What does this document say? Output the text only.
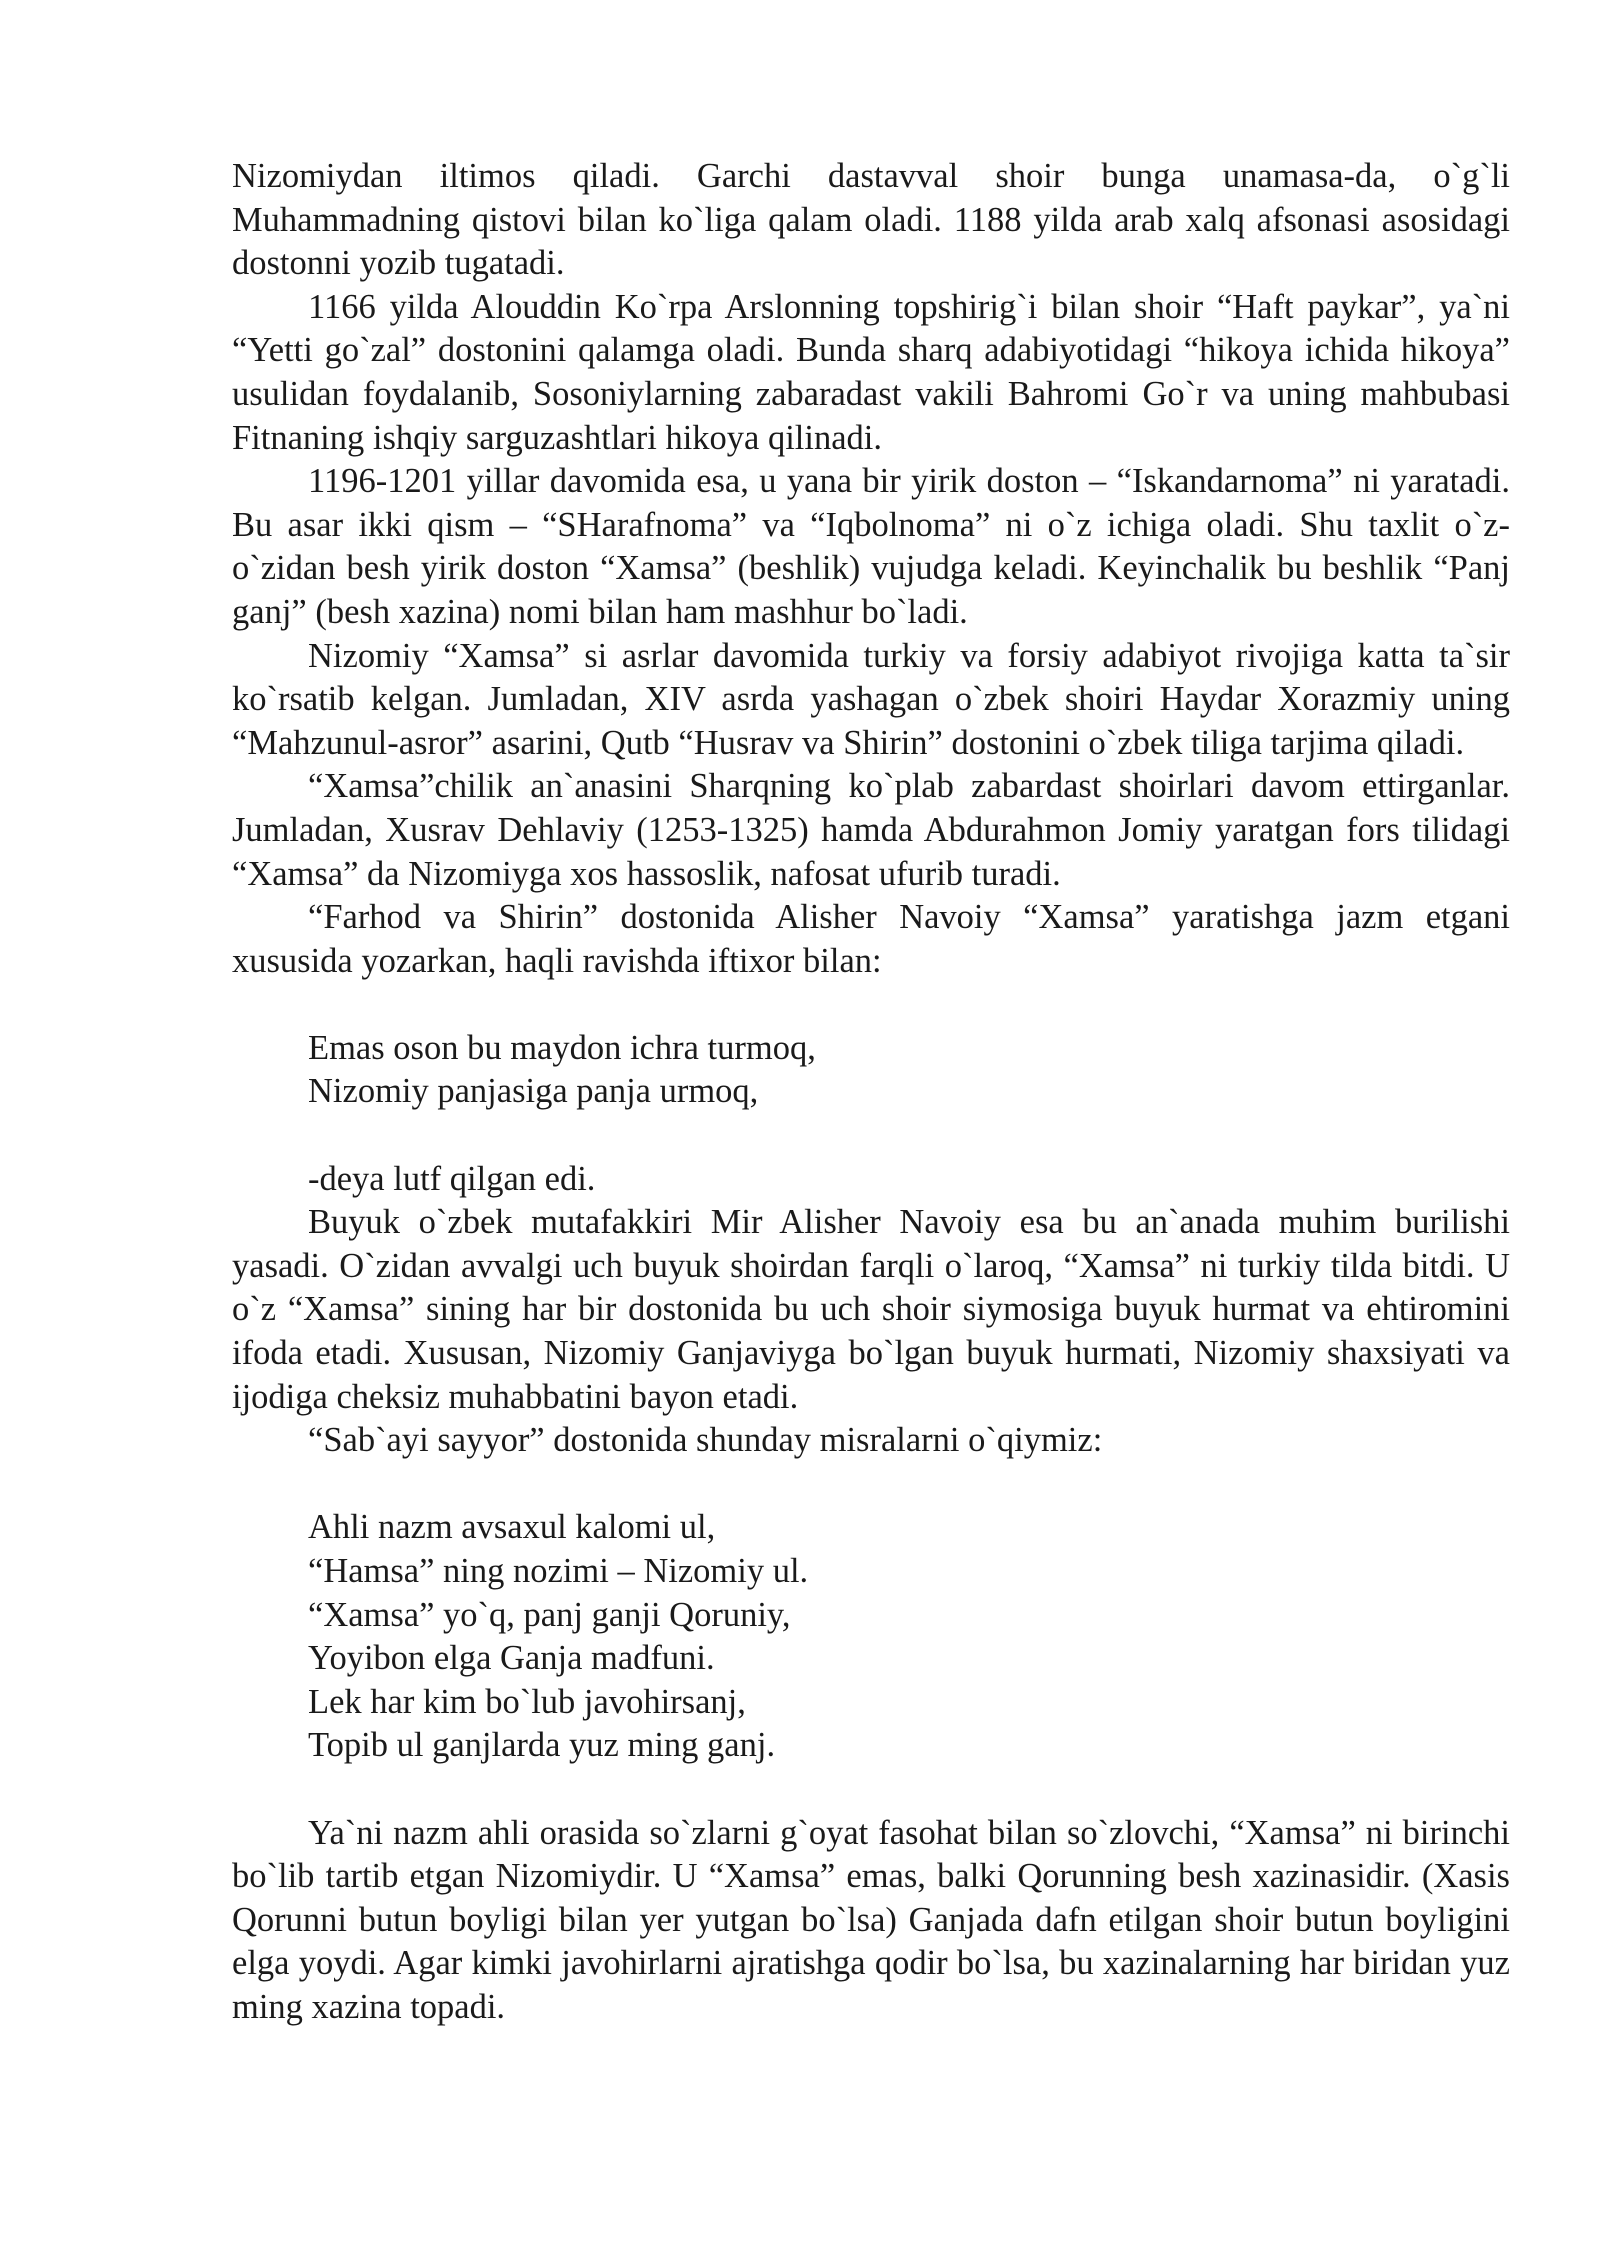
Nizomiydan iltimos qiladi. Garchi dastavval shoir bunga unamasa-da, o`g`li Muhammadning qistovi bilan ko`liga qalam oladi. 1188 yilda arab xalq afsonasi asosidagi dostonni yozib tugatadi.

1166 yilda Alouddin Ko`rpa Arslonning topshirig`i bilan shoir “Haft paykar”, ya`ni “Yetti go`zal” dostonini qalamga oladi. Bunda sharq adabiyotidagi “hikoya ichida hikoya” usulidan foydalanib, Sosoniylarning zabaradast vakili Bahromi Go`r va uning mahbubasi Fitnaning ishqiy sarguzashtlari hikoya qilinadi.

1196-1201 yillar davomida esa, u yana bir yirik doston – “Iskandarnoma” ni yaratadi. Bu asar ikki qism – “SHarafnoma” va “Iqbolnoma” ni o`z ichiga oladi. Shu taxlit o`z-o`zidan besh yirik doston “Xamsa” (beshlik) vujudga keladi. Keyinchalik bu beshlik “Panj ganj” (besh xazina) nomi bilan ham mashhur bo`ladi.

Nizomiy “Xamsa” si asrlar davomida turkiy va forsiy adabiyot rivojiga katta ta`sir ko`rsatib kelgan. Jumladan, XIV asrda yashagan o`zbek shoiri Haydar Xorazmiy uning “Mahzunul-asror” asarini, Qutb “Husrav va Shirin” dostonini o`zbek tiliga tarjima qiladi.

“Xamsa”chilik an`anasini Sharqning ko`plab zabardast shoirlari davom ettirganlar. Jumladan, Xusrav Dehlaviy (1253-1325) hamda Abdurahmon Jomiy yaratgan fors tilidagi “Xamsa” da Nizomiyga xos hassoslik, nafosat ufurib turadi.

“Farhod va Shirin” dostonida Alisher Navoiy “Xamsa” yaratishga jazm etgani xususida yozarkan, haqli ravishda iftixor bilan:

Emas oson bu maydon ichra turmoq,
Nizomiy panjasiga panja urmoq,

-deya lutf qilgan edi.

Buyuk o`zbek mutafakkiri Mir Alisher Navoiy esa bu an`anada muhim burilishi yasadi. O`zidan avvalgi uch buyuk shoirdan farqli o`laroq, “Xamsa” ni turkiy tilda bitdi. U o`z “Xamsa” sining har bir dostonida bu uch shoir siymosiga buyuk hurmat va ehtiromini ifoda etadi. Xususan, Nizomiy Ganjaviyga bo`lgan buyuk hurmati, Nizomiy shaxsiyati va ijodiga cheksiz muhabbatini bayon etadi.

“Sab`ayi sayyor” dostonida shunday misralarni o`qiymiz:

Ahli nazm avsaxul kalomi ul,
“Hamsa” ning nozimi – Nizomiy ul.
“Xamsa” yo`q, panj ganji Qoruniy,
Yoyibon elga Ganja madfuni.
Lek har kim bo`lub javohirsanj,
Topib ul ganjlarda yuz ming ganj.

Ya`ni nazm ahli orasida so`zlarni g`oyat fasohat bilan so`zlovchi, “Xamsa” ni birinchi bo`lib tartib etgan Nizomiydir. U “Xamsa” emas, balki Qorunning besh xazinasidir. (Xasis Qorunni butun boyligi bilan yer yutgan bo`lsa) Ganjada dafn etilgan shoir butun boyligini elga yoydi. Agar kimki javohirlarni ajratishga qodir bo`lsa, bu xazinalarning har biridan yuz ming xazina topadi.
